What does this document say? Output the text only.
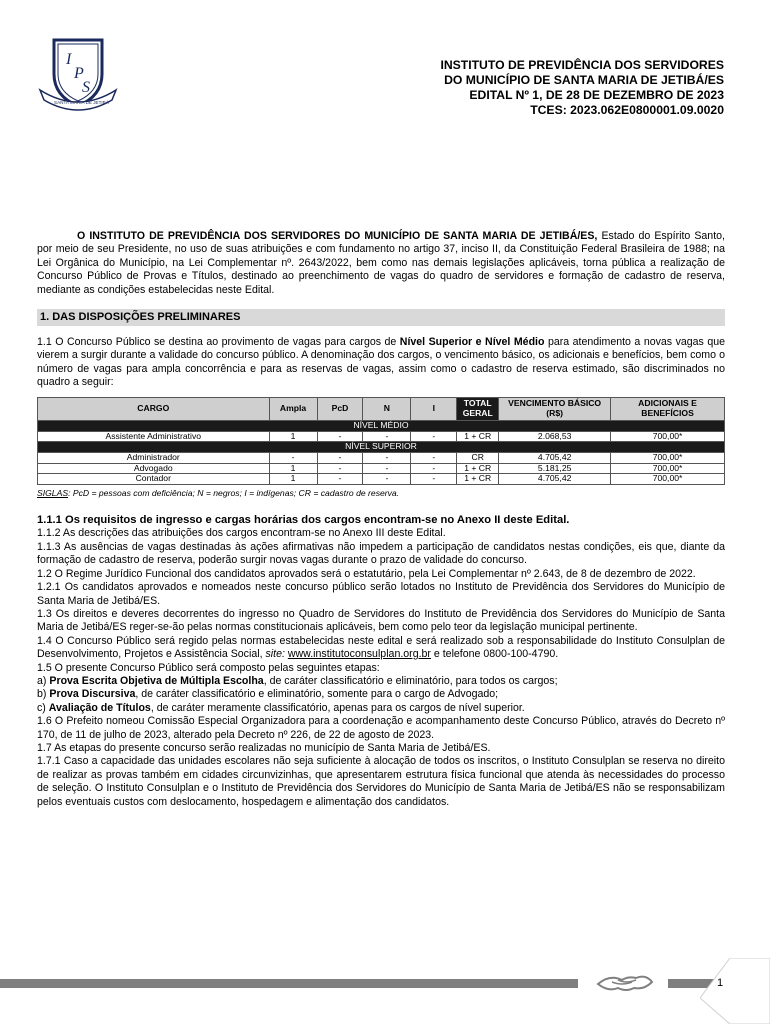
I
P
S
SANTA MARIA DE JETIBÁ
INSTITUTO DE PREVIDÊNCIA DOS SERVIDORES
DO MUNICÍPIO DE SANTA MARIA DE JETIBÁ/ES
EDITAL Nº 1, DE 28 DE DEZEMBRO DE 2023
TCES: 2023.062E0800001.09.0020

O INSTITUTO DE PREVIDÊNCIA DOS SERVIDORES DO MUNICÍPIO DE SANTA MARIA DE JETIBÁ/ES, Estado do Espírito Santo, por meio de seu Presidente, no uso de suas atribuições e com fundamento no artigo 37, inciso II, da Constituição Federal Brasileira de 1988; na Lei Orgânica do Município, na Lei Complementar nº. 2643/2022, bem como nas demais legislações aplicáveis, torna pública a realização de Concurso Público de Provas e Títulos, destinado ao preenchimento de vagas do quadro de servidores e formação de cadastro de reserva, mediante as condições estabelecidas neste Edital.

1. DAS DISPOSIÇÕES PRELIMINARES

1.1 O Concurso Público se destina ao provimento de vagas para cargos de Nível Superior e Nível Médio para atendimento a novas vagas que vierem a surgir durante a validade do concurso público. A denominação dos cargos, o vencimento básico, os adicionais e benefícios, bem como o número de vagas para ampla concorrência e para as reservas de vagas, assim como o cadastro de reserva estimado, são discriminados no quadro a seguir:

CARGO	Ampla	PcD	N	I	TOTAL GERAL	VENCIMENTO BÁSICO (R$)	ADICIONAIS E BENEFÍCIOS
NÍVEL MÉDIO							
Assistente Administrativo	1	-	-	-	1 + CR	2.068,53	700,00*
NÍVEL SUPERIOR							
Administrador	-	-	-	-	CR	4.705,42	700,00*
Advogado	1	-	-	-	1 + CR	5.181,25	700,00*
Contador	1	-	-	-	1 + CR	4.705,42	700,00*
SIGLAS: PcD = pessoas com deficiência; N = negros; I = indígenas; CR = cadastro de reserva.
1.1.1 Os requisitos de ingresso e cargas horárias dos cargos encontram-se no Anexo II deste Edital.

1.1.2 As descrições das atribuições dos cargos encontram-se no Anexo III deste Edital.

1.1.3 As ausências de vagas destinadas às ações afirmativas não impedem a participação de candidatos nestas condições, eis que, diante da formação de cadastro de reserva, poderão surgir novas vagas durante o prazo de validade do concurso.

1.2 O Regime Jurídico Funcional dos candidatos aprovados será o estatutário, pela Lei Complementar nº 2.643, de 8 de dezembro de 2022.

1.2.1 Os candidatos aprovados e nomeados neste concurso público serão lotados no Instituto de Previdência dos Servidores do Município de Santa Maria de Jetibá/ES.

1.3 Os direitos e deveres decorrentes do ingresso no Quadro de Servidores do Instituto de Previdência dos Servidores do Município de Santa Maria de Jetibá/ES reger-se-ão pelas normas constitucionais aplicáveis, bem como pelo teor da legislação municipal pertinente.

1.4 O Concurso Público será regido pelas normas estabelecidas neste edital e será realizado sob a responsabilidade do Instituto Consulplan de Desenvolvimento, Projetos e Assistência Social, site: www.institutoconsulplan.org.br e telefone 0800-100-4790.

1.5 O presente Concurso Público será composto pelas seguintes etapas:

a) Prova Escrita Objetiva de Múltipla Escolha, de caráter classificatório e eliminatório, para todos os cargos;

b) Prova Discursiva, de caráter classificatório e eliminatório, somente para o cargo de Advogado;

c) Avaliação de Títulos, de caráter meramente classificatório, apenas para os cargos de nível superior.

1.6 O Prefeito nomeou Comissão Especial Organizadora para a coordenação e acompanhamento deste Concurso Público, através do Decreto nº 170, de 11 de julho de 2023, alterado pela Decreto nº 226, de 22 de agosto de 2023.

1.7 As etapas do presente concurso serão realizadas no município de Santa Maria de Jetibá/ES.

1.7.1 Caso a capacidade das unidades escolares não seja suficiente à alocação de todos os inscritos, o Instituto Consulplan se reserva no direito de realizar as provas também em cidades circunvizinhas, que apresentarem estrutura física funcional que atenda às necessidades do processo de seleção. O Instituto Consulplan e o Instituto de Previdência dos Servidores do Município de Santa Maria de Jetibá/ES não se responsabilizam pelos eventuais custos com deslocamento, hospedagem e alimentação dos candidatos.

1
